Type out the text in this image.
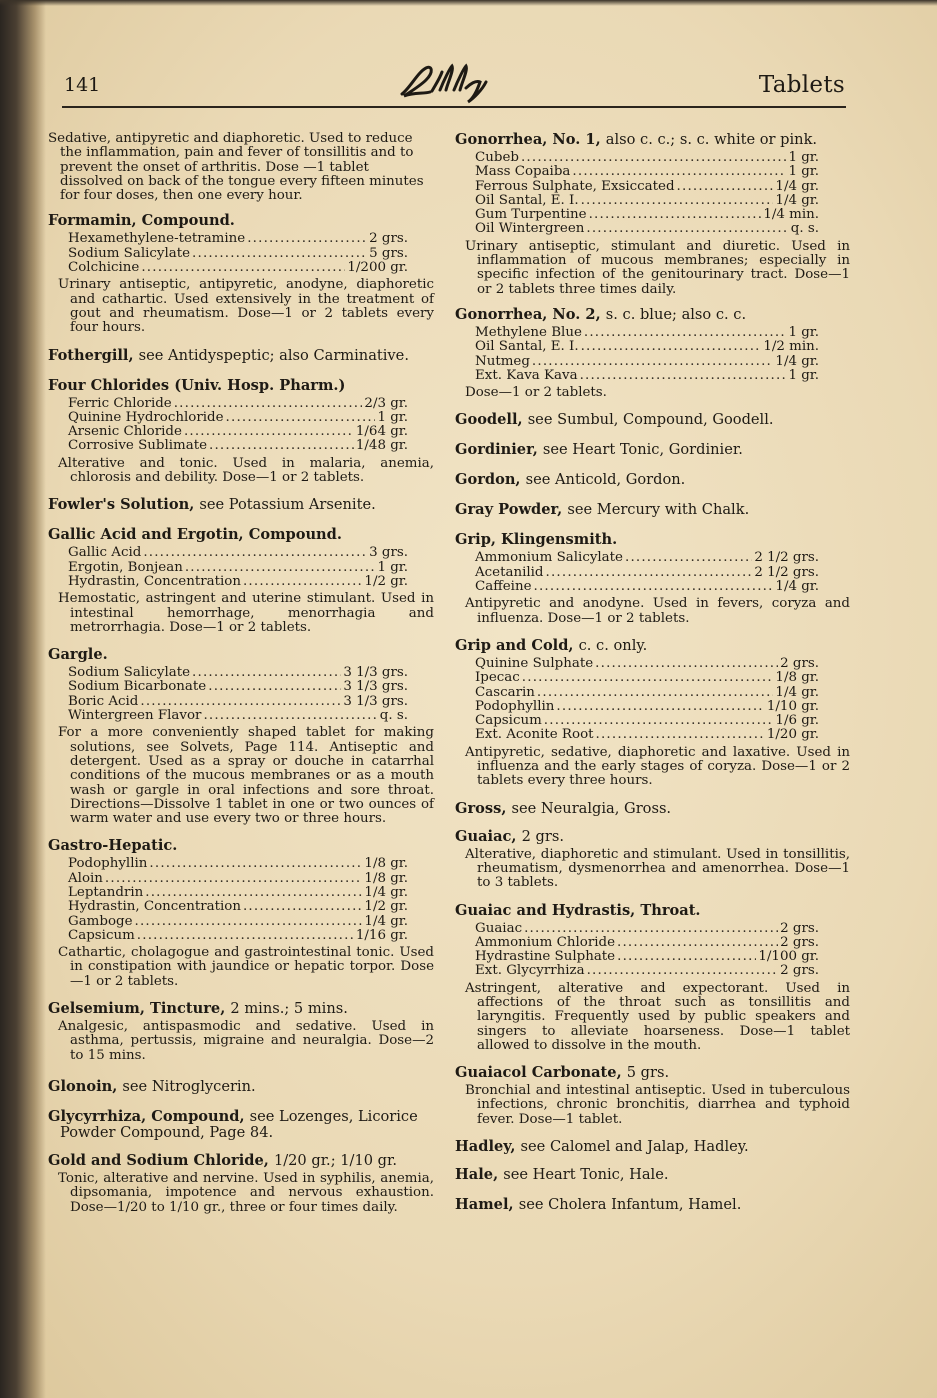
141	Tablets

Sedative, antipyretic and diaphoretic. Used to reduce the inflammation, pain and fever of tonsillitis and to prevent the onset of arthritis. Dose —1 tablet dissolved on back of the tongue every fifteen minutes for four doses, then one every hour.

Formamin, Compound.
Hexamethylene-tetramine .....	2 grs.
Sodium Salicylate .....	5 grs.
Colchicine .....	1/200 gr.

Urinary antiseptic, antipyretic, anodyne, diaphoretic and cathartic. Used extensively in the treatment of gout and rheumatism. Dose—1 or 2 tablets every four hours.

Fothergill, see Antidyspeptic; also Carminative.
Four Chlorides (Univ. Hosp. Pharm.)
Ferric Chloride .....	2/3 gr.
Quinine Hydrochloride .....	1 gr.
Arsenic Chloride .....	1/64 gr.
Corrosive Sublimate .....	1/48 gr.

Alterative and tonic. Used in malaria, anemia, chlorosis and debility. Dose—1 or 2 tablets.

Fowler's Solution, see Potassium Arsenite.
Gallic Acid and Ergotin, Compound.
Gallic Acid .....	3 grs.
Ergotin, Bonjean .....	1 gr.
Hydrastin, Concentration .....	1/2 gr.

Hemostatic, astringent and uterine stimulant. Used in intestinal hemorrhage, menorrhagia and metrorrhagia. Dose—1 or 2 tablets.

Gargle.
Sodium Salicylate .....	3 1/3 grs.
Sodium Bicarbonate .....	3 1/3 grs.
Boric Acid .....	3 1/3 grs.
Wintergreen Flavor .....	q. s.

For a more conveniently shaped tablet for making solutions, see Solvets, Page 114. Antiseptic and detergent. Used as a spray or douche in catarrhal conditions of the mucous membranes or as a mouth wash or gargle in oral infections and sore throat. Directions—Dissolve 1 tablet in one or two ounces of warm water and use every two or three hours.

Gastro-Hepatic.
Podophyllin .....	1/8 gr.
Aloin .....	1/8 gr.
Leptandrin .....	1/4 gr.
Hydrastin, Concentration .....	1/2 gr.
Gamboge .....	1/4 gr.
Capsicum .....	1/16 gr.

Cathartic, cholagogue and gastrointestinal tonic. Used in constipation with jaundice or hepatic torpor. Dose—1 or 2 tablets.

Gelsemium, Tincture, 2 mins.; 5 mins.

Analgesic, antispasmodic and sedative. Used in asthma, pertussis, migraine and neuralgia. Dose—2 to 15 mins.

Glonoin, see Nitroglycerin.
Glycyrrhiza, Compound, see Lozenges, Licorice Powder Compound, Page 84.
Gold and Sodium Chloride, 1/20 gr.; 1/10 gr.

Tonic, alterative and nervine. Used in syphilis, anemia, dipsomania, impotence and nervous exhaustion. Dose—1/20 to 1/10 gr., three or four times daily.

Gonorrhea, No. 1, also c. c.; s. c. white or pink.
Cubeb .....	1 gr.
Mass Copaiba .....	1 gr.
Ferrous Sulphate, Exsiccated .....	1/4 gr.
Oil Santal, E. I. .....	1/4 gr.
Gum Turpentine .....	1/4 min.
Oil Wintergreen .....	q. s.

Urinary antiseptic, stimulant and diuretic. Used in inflammation of mucous membranes; especially in specific infection of the genitourinary tract. Dose—1 or 2 tablets three times daily.

Gonorrhea, No. 2, s. c. blue; also c. c.
Methylene Blue .....	1 gr.
Oil Santal, E. I. .....	1/2 min.
Nutmeg .....	1/4 gr.
Ext. Kava Kava .....	1 gr.

Dose—1 or 2 tablets.

Goodell, see Sumbul, Compound, Goodell.
Gordinier, see Heart Tonic, Gordinier.
Gordon, see Anticold, Gordon.
Gray Powder, see Mercury with Chalk.
Grip, Klingensmith.
Ammonium Salicylate .....	2 1/2 grs.
Acetanilid .....	2 1/2 grs.
Caffeine .....	1/4 gr.

Antipyretic and anodyne. Used in fevers, coryza and influenza. Dose—1 or 2 tablets.

Grip and Cold, c. c. only.
Quinine Sulphate .....	2 grs.
Ipecac .....	1/8 gr.
Cascarin .....	1/4 gr.
Podophyllin .....	1/10 gr.
Capsicum .....	1/6 gr.
Ext. Aconite Root .....	1/20 gr.

Antipyretic, sedative, diaphoretic and laxative. Used in influenza and the early stages of coryza. Dose—1 or 2 tablets every three hours.

Gross, see Neuralgia, Gross.
Guaiac, 2 grs.

Alterative, diaphoretic and stimulant. Used in tonsillitis, rheumatism, dysmenorrhea and amenorrhea. Dose—1 to 3 tablets.

Guaiac and Hydrastis, Throat.
Guaiac .....	2 grs.
Ammonium Chloride .....	2 grs.
Hydrastine Sulphate .....	1/100 gr.
Ext. Glycyrrhiza .....	2 grs.

Astringent, alterative and expectorant. Used in affections of the throat such as tonsillitis and laryngitis. Frequently used by public speakers and singers to alleviate hoarseness. Dose—1 tablet allowed to dissolve in the mouth.

Guaiacol Carbonate, 5 grs.

Bronchial and intestinal antiseptic. Used in tuberculous infections, chronic bronchitis, diarrhea and typhoid fever. Dose—1 tablet.

Hadley, see Calomel and Jalap, Hadley.
Hale, see Heart Tonic, Hale.
Hamel, see Cholera Infantum, Hamel.
